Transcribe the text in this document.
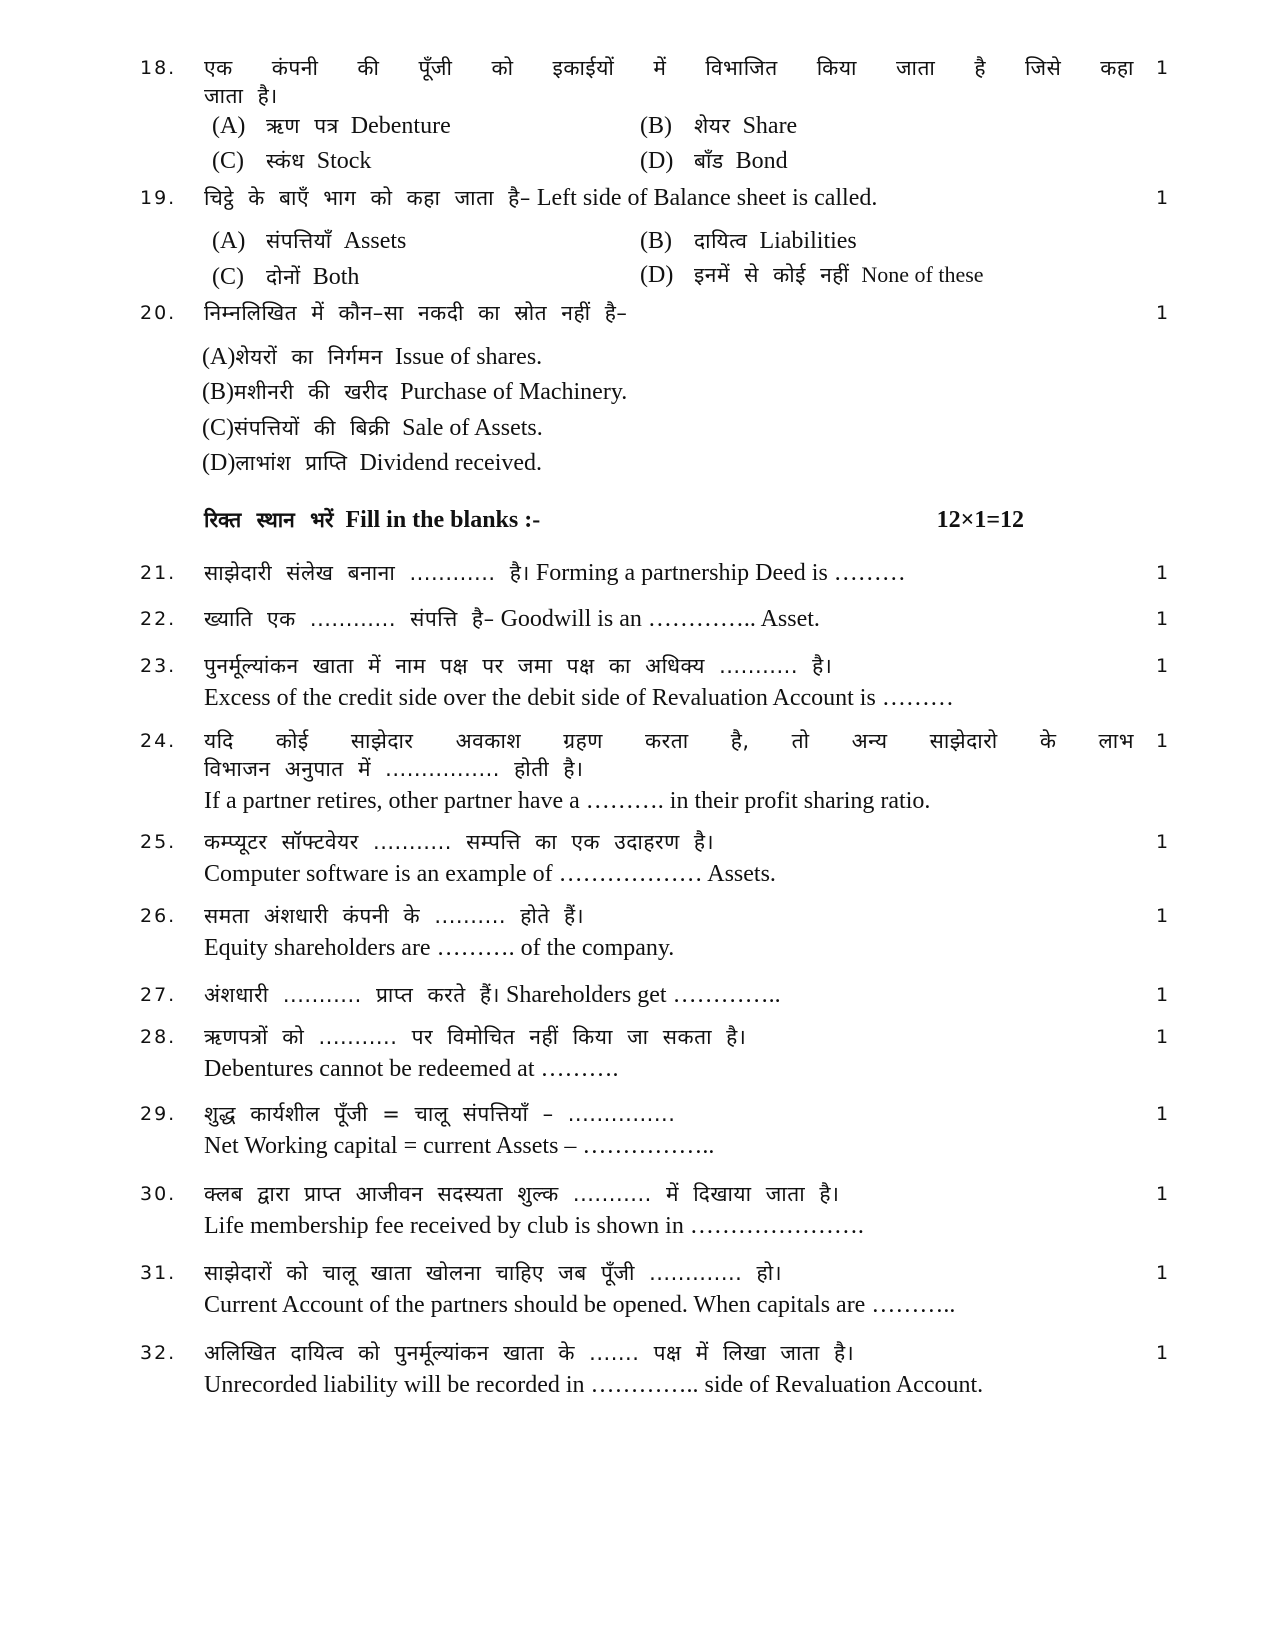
18.	एक कंपनी की पूँजी को इकाईयों में विभाजित किया जाता है जिसे कहा
जाता है।
1
(A) ऋण पत्र Debenture	(B) शेयर Share
(C) स्कंध Stock	(D) बाँड Bond
19.	चिट्ठे के बाएँ भाग को कहा जाता है– Left side of Balance sheet is called.	1
(A) संपत्तियाँ Assets	(B) दायित्व Liabilities
(C) दोनों Both	(D) इनमें से कोई नहीं None of these
20.	निम्नलिखित में कौन–सा नकदी का स्रोत नहीं है–	1
(A)शेयरों का निर्गमन Issue of shares.
(B)मशीनरी की खरीद Purchase of Machinery.
(C)संपत्तियों की बिक्री Sale of Assets.
(D)लाभांश प्राप्ति Dividend received.
रिक्त स्थान भरें Fill in the blanks :-	12×1=12
21.	साझेदारी संलेख बनाना ............ है। Forming a partnership Deed is ………	1
22.	ख्याति एक ............ संपत्ति है– Goodwill is an ………….. Asset.	1
23.	पुनर्मूल्यांकन खाता में नाम पक्ष पर जमा पक्ष का अधिक्य ........... है।
Excess of the credit side over the debit side of Revaluation Account is ………
1
24.	यदि कोई साझेदार अवकाश ग्रहण करता है, तो अन्य साझेदारो के लाभ
विभाजन अनुपात में ................ होती है।
If a partner retires, other partner have a ………. in their profit sharing ratio.
1
25.	कम्प्यूटर सॉफ्टवेयर ........... सम्पत्ति का एक उदाहरण है।
Computer software is an example of ……………… Assets.
1
26.	समता अंशधारी कंपनी के .......... होते हैं।
Equity shareholders are ………. of the company.
1
27.	अंशधारी ........... प्राप्त करते हैं। Shareholders get …………..	1
28.	ऋणपत्रों को ........... पर विमोचित नहीं किया जा सकता है।
Debentures cannot be redeemed at ……….
1
29.	शुद्ध कार्यशील पूँजी = चालू संपत्तियाँ – ...............
Net Working capital = current Assets – ……………..
1
30.	क्लब द्वारा प्राप्त आजीवन सदस्यता शुल्क ........... में दिखाया जाता है।
Life membership fee received by club is shown in ………………….
1
31.	साझेदारों को चालू खाता खोलना चाहिए जब पूँजी ............. हो।
Current Account of the partners should be opened. When capitals are ………..
1
32.	अलिखित दायित्व को पुनर्मूल्यांकन खाता के ....... पक्ष में लिखा जाता है।
Unrecorded liability will be recorded in ………….. side of Revaluation Account.
1
